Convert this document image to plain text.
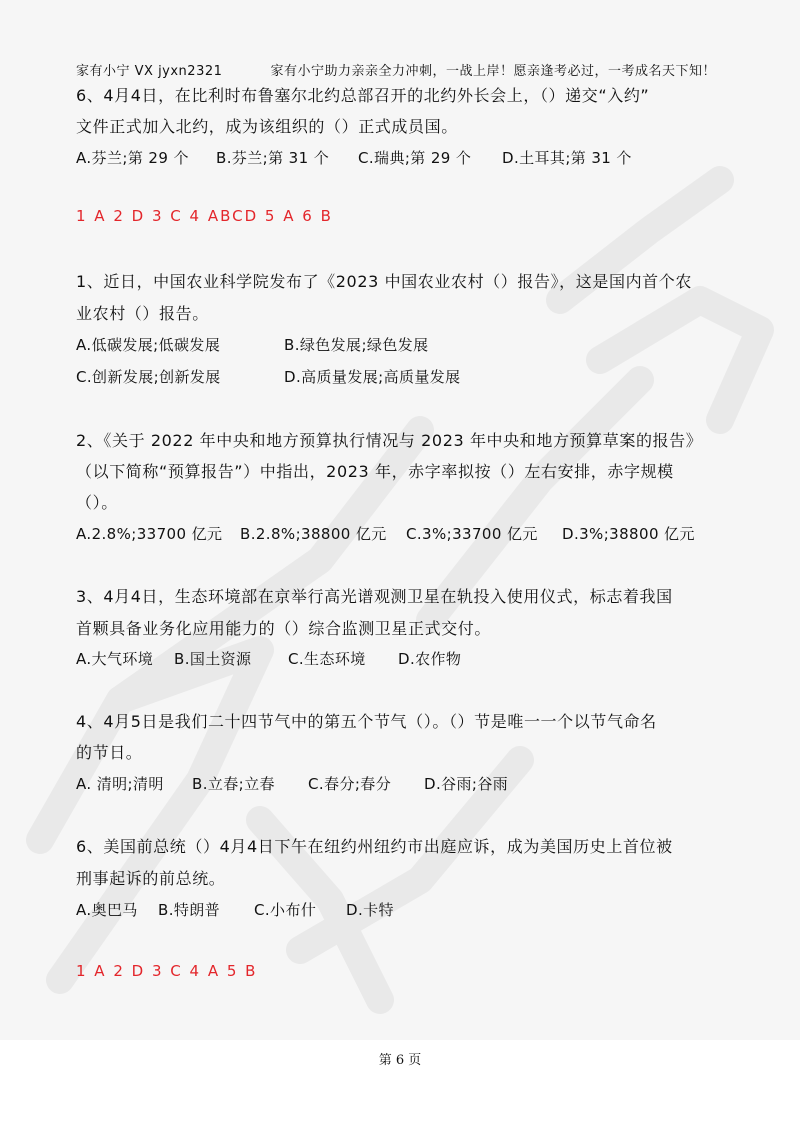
家有小宁 VX jyxn2321	家有小宁助力亲亲全力冲刺，一战上岸！愿亲逢考必过，一考成名天下知！
6、4月4日，在比利时布鲁塞尔北约总部召开的北约外长会上，（）递交“入约”
文件正式加入北约，成为该组织的（）正式成员国。
A.芬兰;第 29 个 B.芬兰;第 31 个 C.瑞典;第 29 个 D.土耳其;第 31 个
1 A 2 D 3 C 4 ABCD 5 A 6 B
1、近日，中国农业科学院发布了《2023 中国农业农村（）报告》，这是国内首个农
业农村（）报告。
A.低碳发展;低碳发展	B.绿色发展;绿色发展
C.创新发展;创新发展	D.高质量发展;高质量发展
2、《关于 2022 年中央和地方预算执行情况与 2023 年中央和地方预算草案的报告》
（以下简称“预算报告”）中指出，2023 年，赤字率拟按（）左右安排，赤字规模
（）。
A.2.8%;33700 亿元 B.2.8%;38800 亿元 C.3%;33700 亿元 D.3%;38800 亿元
3、4月4日，生态环境部在京举行高光谱观测卫星在轨投入使用仪式，标志着我国
首颗具备业务化应用能力的（）综合监测卫星正式交付。
A.大气环境 B.国土资源 C.生态环境 D.农作物
4、4月5日是我们二十四节气中的第五个节气（）。（）节是唯一一个以节气命名
的节日。
A. 清明;清明 B.立春;立春 C.春分;春分 D.谷雨;谷雨
6、美国前总统（）4月4日下午在纽约州纽约市出庭应诉，成为美国历史上首位被
刑事起诉的前总统。
A.奥巴马 B.特朗普 C.小布什 D.卡特
1 A 2 D 3 C 4 A 5 B
第 6 页
